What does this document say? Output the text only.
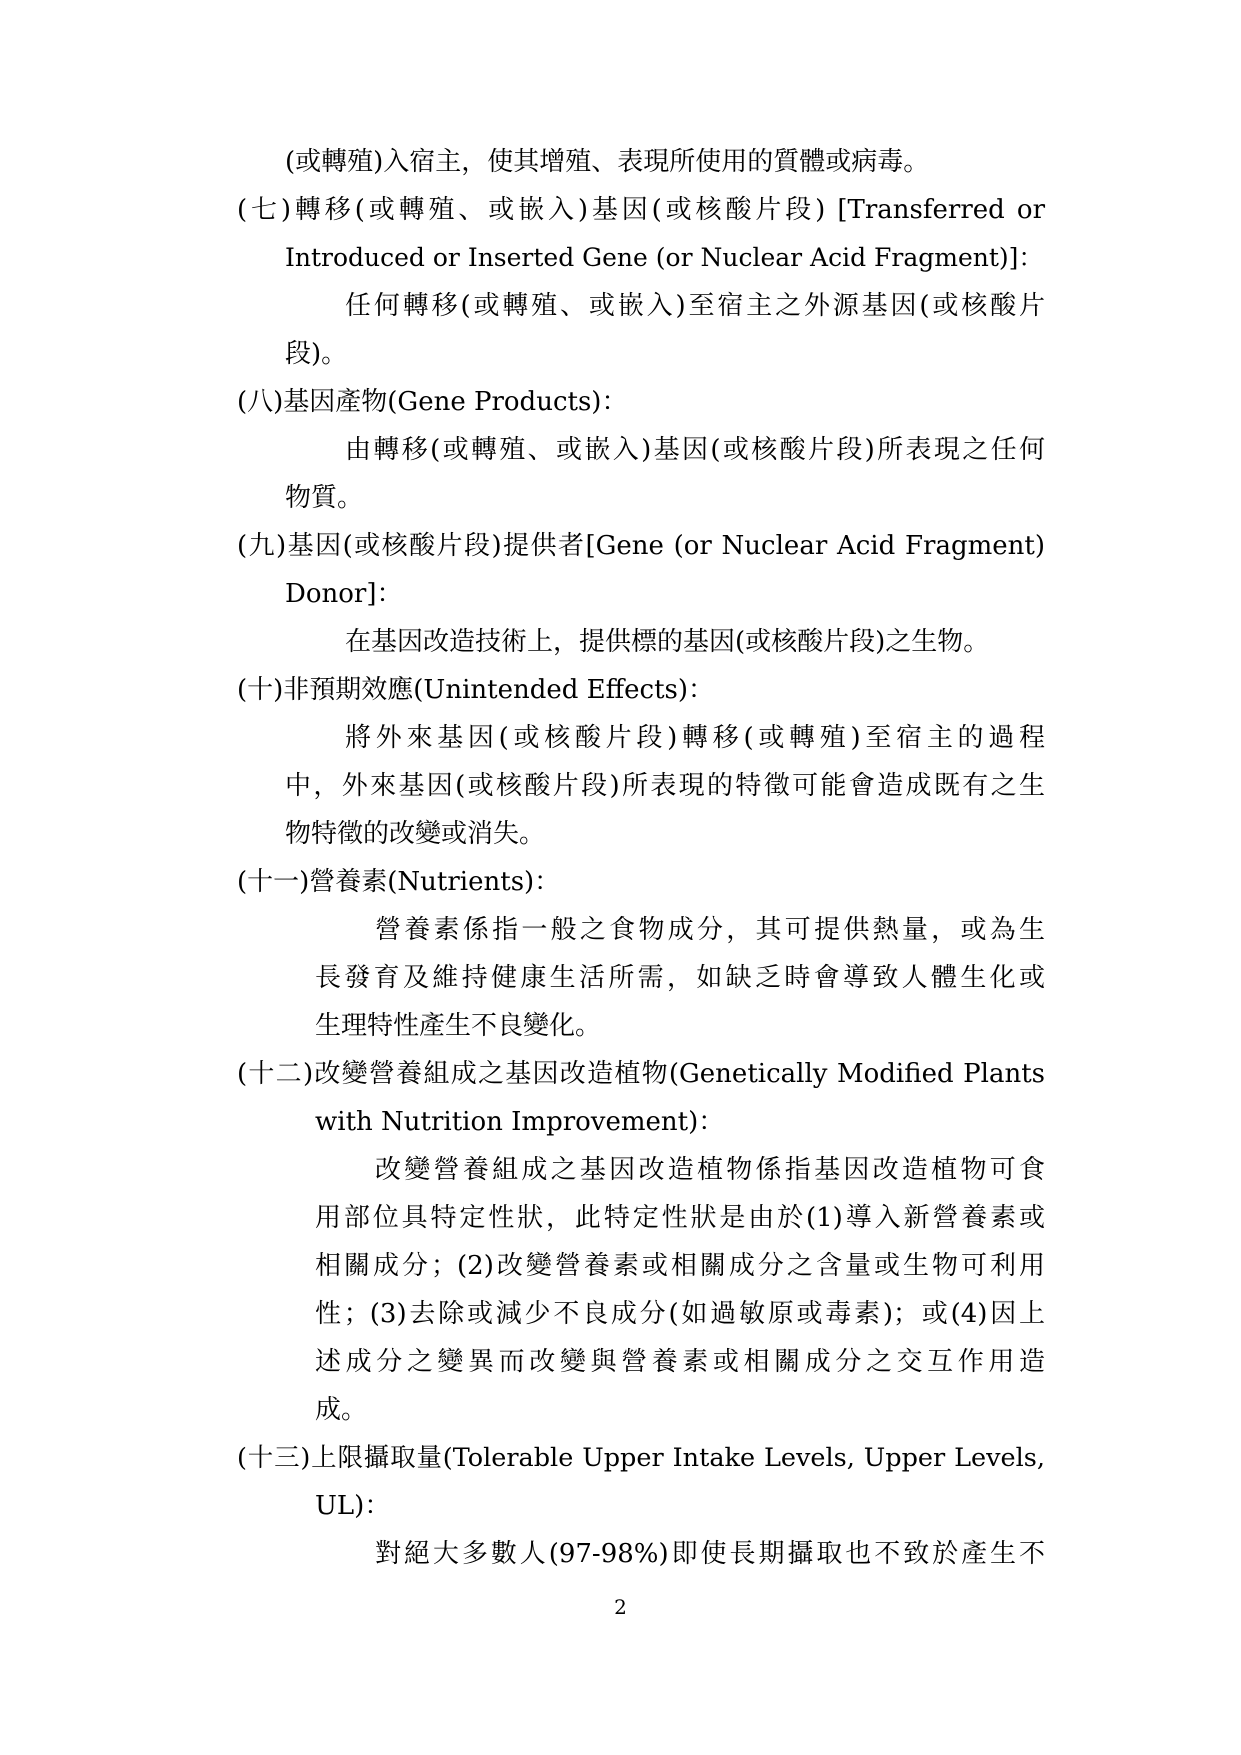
(或轉殖)入宿主，使其增殖、表現所使用的質體或病毒。
(七)轉移(或轉殖、或嵌入)基因(或核酸片段) [Transferred or
Introduced or Inserted Gene (or Nuclear Acid Fragment)]：
任何轉移(或轉殖、或嵌入)至宿主之外源基因(或核酸片
段)。
(八)基因產物(Gene Products)：
由轉移(或轉殖、或嵌入)基因(或核酸片段)所表現之任何
物質。
(九)基因(或核酸片段)提供者[Gene (or Nuclear Acid Fragment)
Donor]：
在基因改造技術上，提供標的基因(或核酸片段)之生物。
(十)非預期效應(Unintended Effects)：
將外來基因(或核酸片段)轉移(或轉殖)至宿主的過程
中，外來基因(或核酸片段)所表現的特徵可能會造成既有之生
物特徵的改變或消失。
(十一)營養素(Nutrients)：
營養素係指一般之食物成分，其可提供熱量，或為生
長發育及維持健康生活所需，如缺乏時會導致人體生化或
生理特性產生不良變化。
(十二)改變營養組成之基因改造植物(Genetically Modified Plants
with Nutrition Improvement)：
改變營養組成之基因改造植物係指基因改造植物可食
用部位具特定性狀，此特定性狀是由於(1)導入新營養素或
相關成分；(2)改變營養素或相關成分之含量或生物可利用
性；(3)去除或減少不良成分(如過敏原或毒素)；或(4)因上
述成分之變異而改變與營養素或相關成分之交互作用造
成。
(十三)上限攝取量(Tolerable Upper Intake Levels, Upper Levels,
UL)：
對絕大多數人(97-98%)即使長期攝取也不致於產生不
2
